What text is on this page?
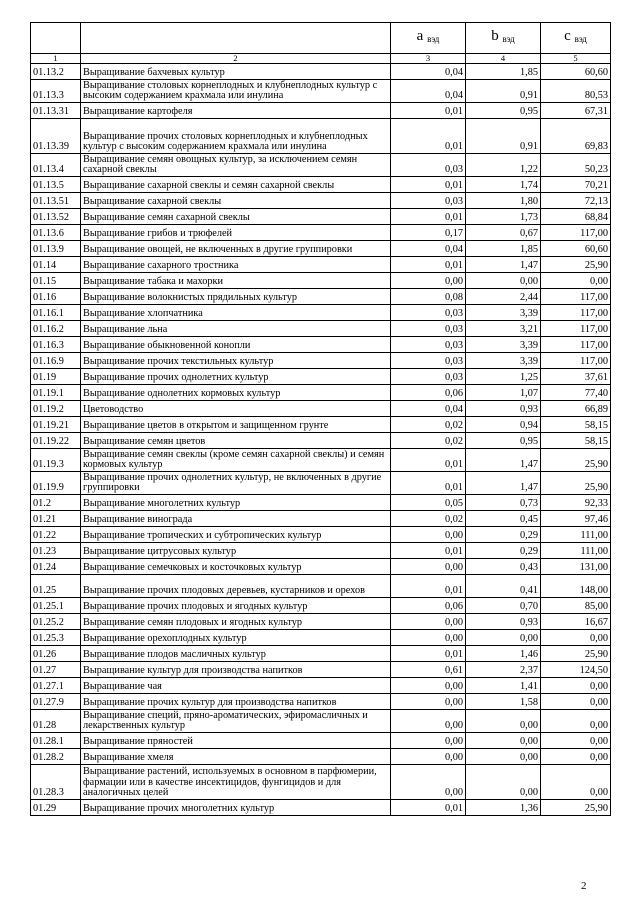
		a $_{вэд}$	b $_{вэд}$	c $_{вэд}$
1	2	3	4	5
01.13.2	Выращивание бахчевых культур	0,04	1,85	60,60
01.13.3	Выращивание столовых корнеплодных и клубнеплодных культур с высоким содержанием крахмала или инулина	0,04	0,91	80,53
01.13.31	Выращивание картофеля	0,01	0,95	67,31
01.13.39	Выращивание прочих столовых корнеплодных и клубнеплодных культур с высоким содержанием крахмала или инулина	0,01	0,91	69,83
01.13.4	Выращивание семян овощных культур, за исключением семян сахарной свеклы	0,03	1,22	50,23
01.13.5	Выращивание сахарной свеклы и семян сахарной свеклы	0,01	1,74	70,21
01.13.51	Выращивание сахарной свеклы	0,03	1,80	72,13
01.13.52	Выращивание семян сахарной свеклы	0,01	1,73	68,84
01.13.6	Выращивание грибов и трюфелей	0,17	0,67	117,00
01.13.9	Выращивание овощей, не включенных в другие группировки	0,04	1,85	60,60
01.14	Выращивание сахарного тростника	0,01	1,47	25,90
01.15	Выращивание табака и махорки	0,00	0,00	0,00
01.16	Выращивание волокнистых прядильных культур	0,08	2,44	117,00
01.16.1	Выращивание хлопчатника	0,03	3,39	117,00
01.16.2	Выращивание льна	0,03	3,21	117,00
01.16.3	Выращивание обыкновенной конопли	0,03	3,39	117,00
01.16.9	Выращивание прочих текстильных культур	0,03	3,39	117,00
01.19	Выращивание прочих однолетних культур	0,03	1,25	37,61
01.19.1	Выращивание однолетних кормовых культур	0,06	1,07	77,40
01.19.2	Цветоводство	0,04	0,93	66,89
01.19.21	Выращивание цветов в открытом и защищенном грунте	0,02	0,94	58,15
01.19.22	Выращивание семян цветов	0,02	0,95	58,15
01.19.3	Выращивание семян свеклы (кроме семян сахарной свеклы) и семян кормовых культур	0,01	1,47	25,90
01.19.9	Выращивание прочих однолетних культур, не включенных в другие группировки	0,01	1,47	25,90
01.2	Выращивание многолетних культур	0,05	0,73	92,33
01.21	Выращивание винограда	0,02	0,45	97,46
01.22	Выращивание тропических и субтропических культур	0,00	0,29	111,00
01.23	Выращивание цитрусовых культур	0,01	0,29	111,00
01.24	Выращивание семечковых и косточковых культур	0,00	0,43	131,00
01.25	Выращивание прочих плодовых деревьев, кустарников и орехов	0,01	0,41	148,00
01.25.1	Выращивание прочих плодовых и ягодных культур	0,06	0,70	85,00
01.25.2	Выращивание семян плодовых и ягодных культур	0,00	0,93	16,67
01.25.3	Выращивание орехоплодных культур	0,00	0,00	0,00
01.26	Выращивание плодов масличных культур	0,01	1,46	25,90
01.27	Выращивание культур для производства напитков	0,61	2,37	124,50
01.27.1	Выращивание чая	0,00	1,41	0,00
01.27.9	Выращивание прочих культур для производства напитков	0,00	1,58	0,00
01.28	Выращивание специй, пряно-ароматических, эфиромасличных и лекарственных культур	0,00	0,00	0,00
01.28.1	Выращивание пряностей	0,00	0,00	0,00
01.28.2	Выращивание хмеля	0,00	0,00	0,00
01.28.3	Выращивание растений, используемых в основном в парфюмерии, фармации или в качестве инсектицидов, фунгицидов и для аналогичных целей	0,00	0,00	0,00
01.29	Выращивание прочих многолетних культур	0,01	1,36	25,90
2
